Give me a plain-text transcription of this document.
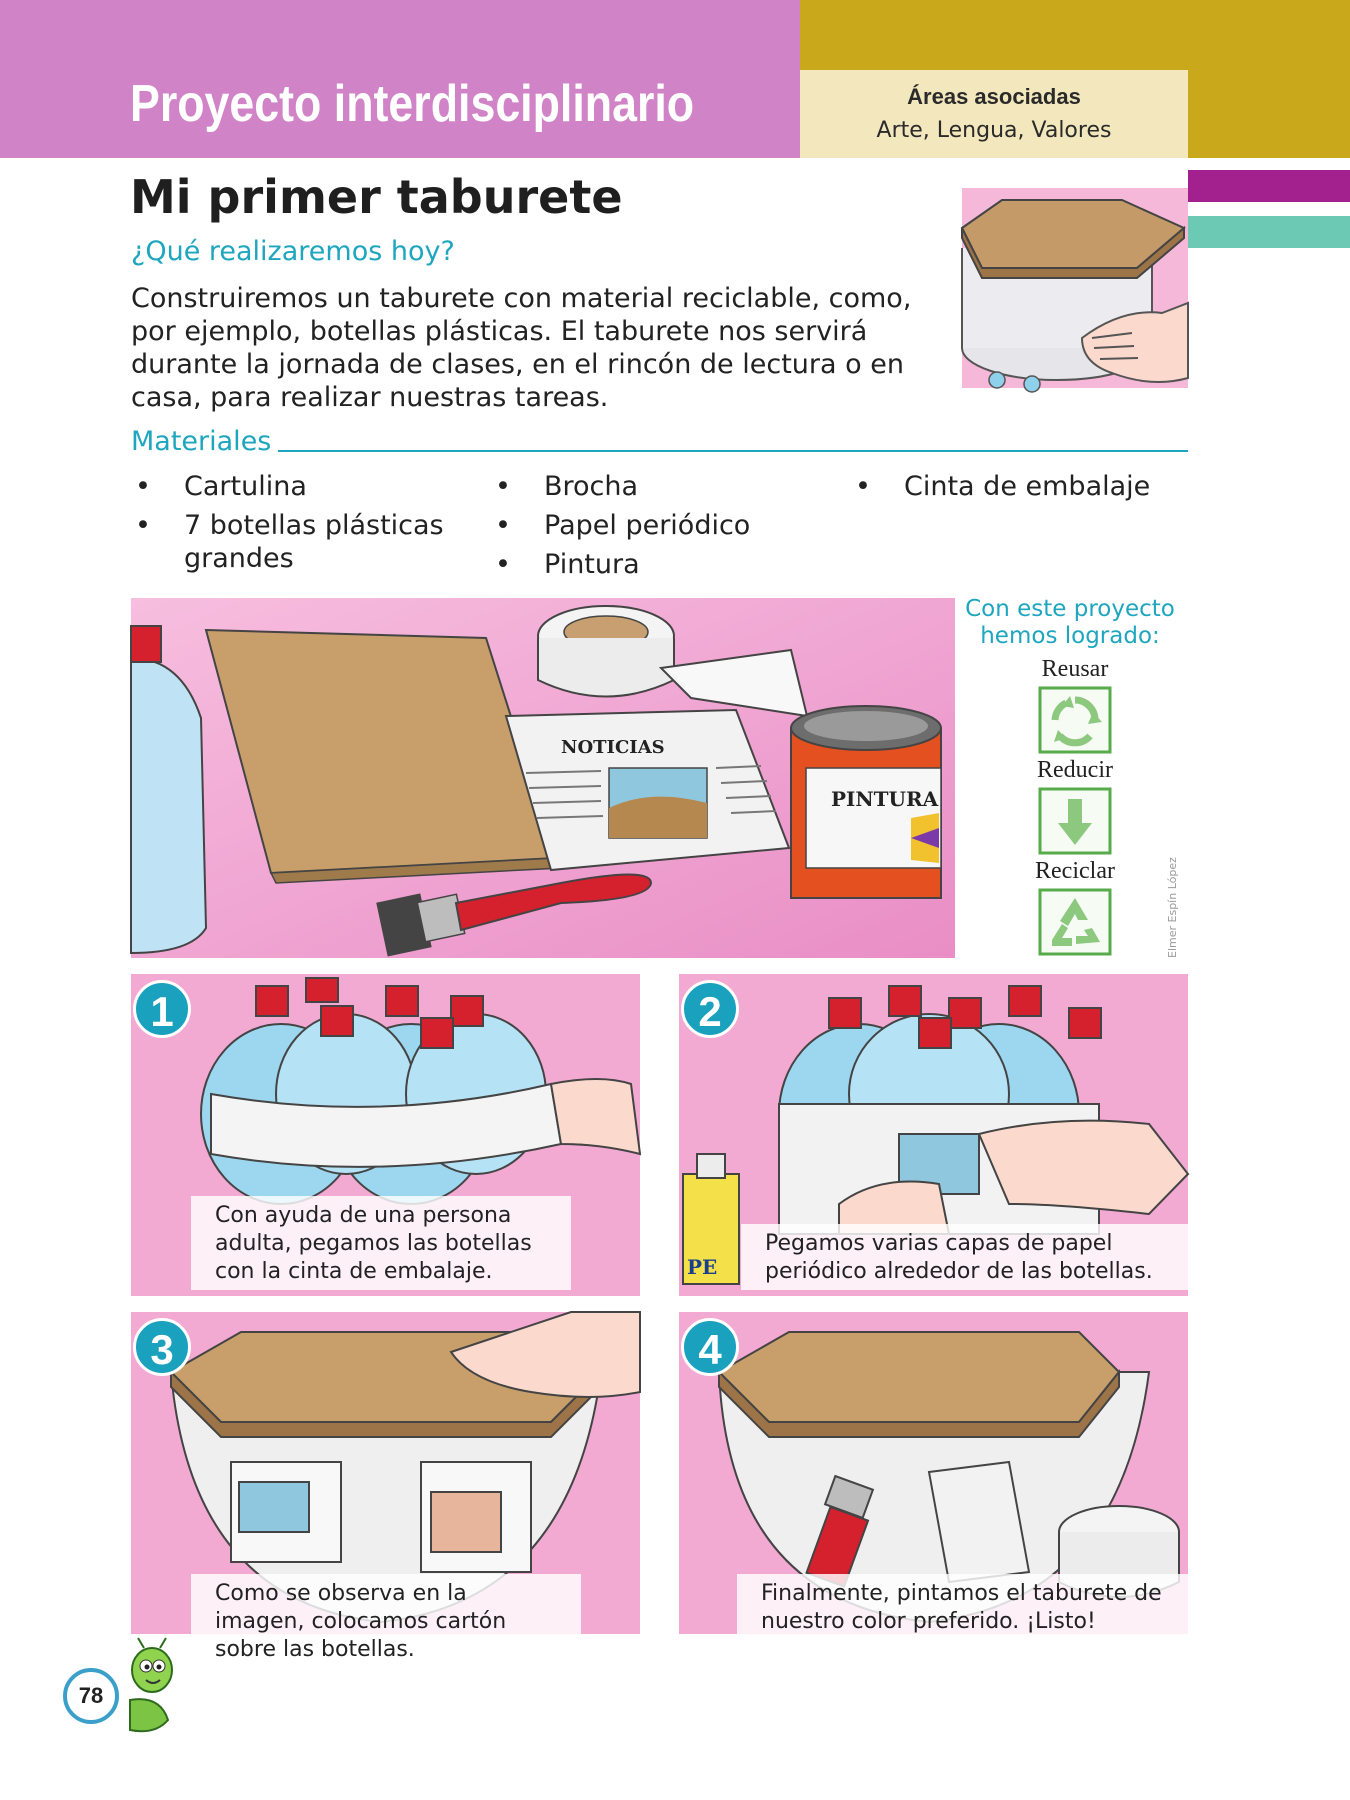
Proyecto interdisciplinario	Áreas asociadas
Arte, Lengua, Valores
Mi primer taburete
¿Qué realizaremos hoy?

Construiremos un taburete con material reciclable, como, por ejemplo, botellas plásticas. El taburete nos servirá durante la jornada de clases, en el rincón de lectura o en casa, para realizar nuestras tareas.

Materiales
• Cartulina
• 7 botellas plásticas grandes
• Brocha
• Papel periódico
• Pintura
• Cinta de embalaje
NOTICIAS
PINTURA
Con este proyecto hemos logrado:
Reusar
Reducir
Reciclar	Elmer Espín López
1
Con ayuda de una persona adulta, pegamos las botellas con la cinta de embalaje.	PE
2
Pegamos varias capas de papel periódico alrededor de las botellas.
3
Como se observa en la imagen, colocamos cartón sobre las botellas.
4
Finalmente, pintamos el taburete de nuestro color preferido. ¡Listo!
78
